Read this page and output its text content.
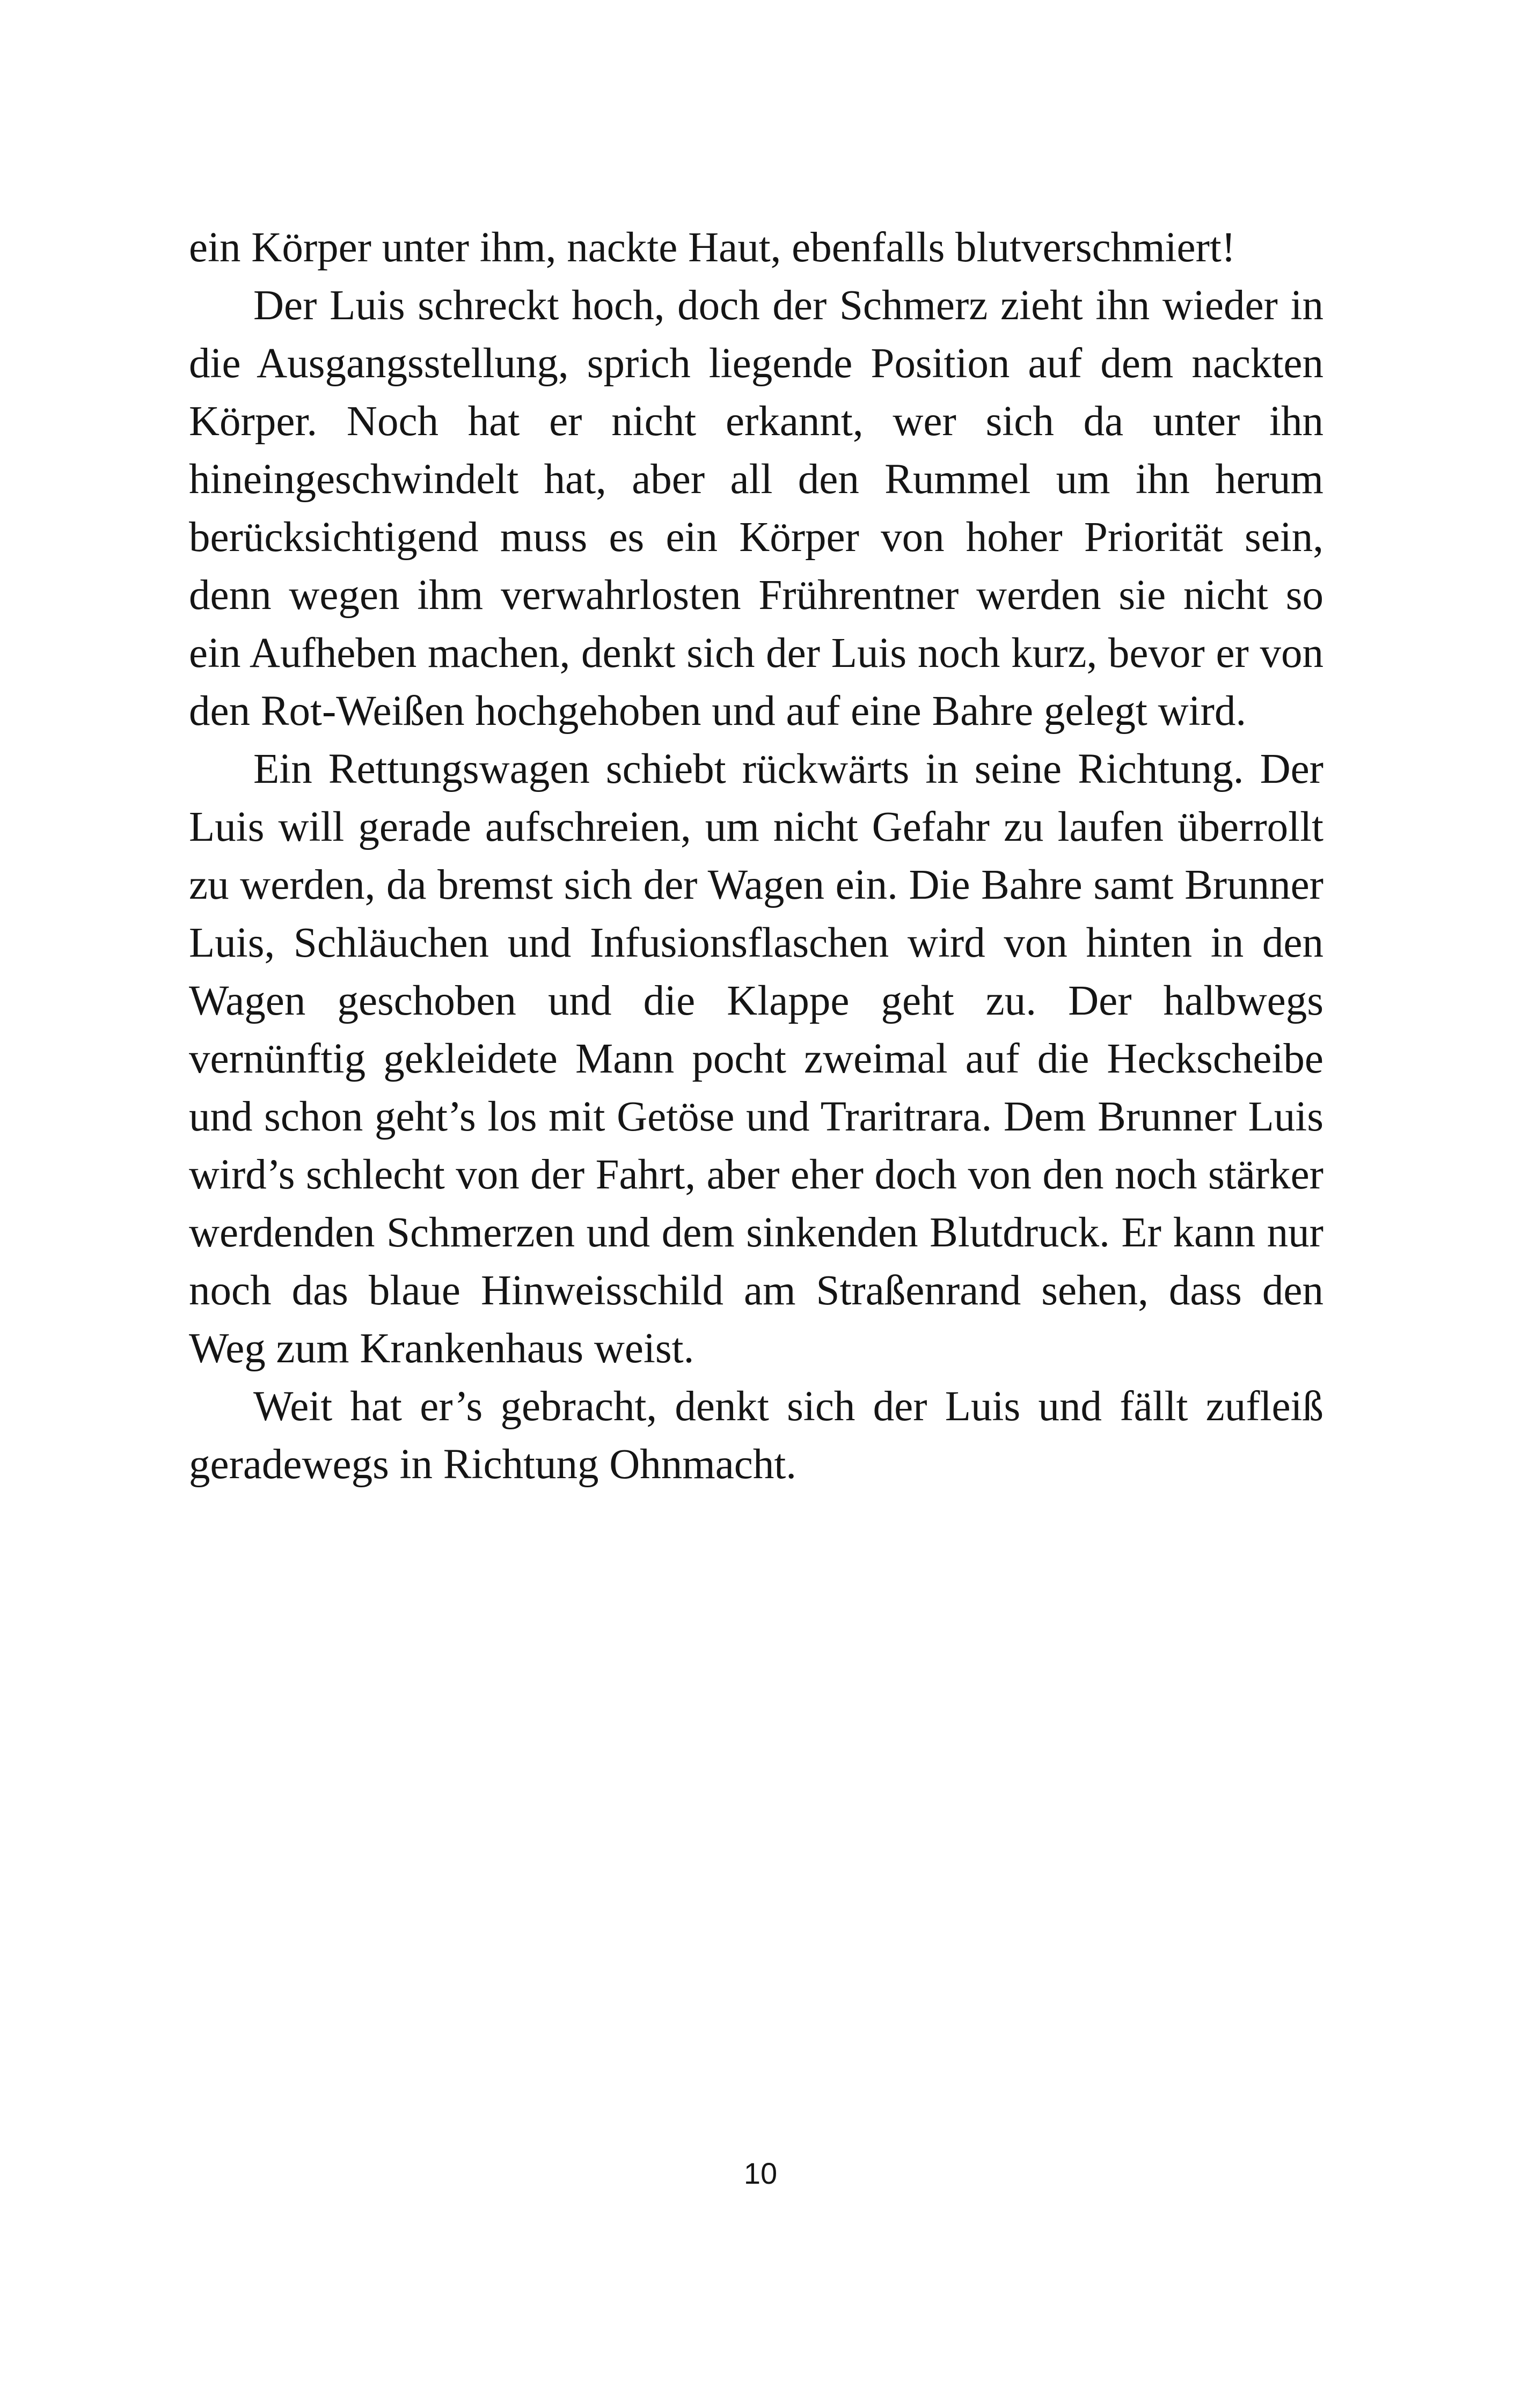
ein Körper unter ihm, nackte Haut, ebenfalls blutverschmiert!

Der Luis schreckt hoch, doch der Schmerz zieht ihn wieder in die Ausgangsstellung, sprich liegende Position auf dem nackten Körper. Noch hat er nicht erkannt, wer sich da unter ihn hineingeschwindelt hat, aber all den Rummel um ihn herum berücksichtigend muss es ein Körper von hoher Priorität sein, denn wegen ihm verwahrlosten Frührentner werden sie nicht so ein Aufheben machen, denkt sich der Luis noch kurz, bevor er von den Rot-Weißen hochgehoben und auf eine Bahre gelegt wird.

Ein Rettungswagen schiebt rückwärts in seine Richtung. Der Luis will gerade aufschreien, um nicht Gefahr zu laufen überrollt zu werden, da bremst sich der Wagen ein. Die Bahre samt Brunner Luis, Schläuchen und Infusionsflaschen wird von hinten in den Wagen geschoben und die Klappe geht zu. Der halbwegs vernünftig gekleidete Mann pocht zweimal auf die Heckscheibe und schon geht’s los mit Getöse und Traritrara. Dem Brunner Luis wird’s schlecht von der Fahrt, aber eher doch von den noch stärker werdenden Schmerzen und dem sinkenden Blutdruck. Er kann nur noch das blaue Hinweisschild am Straßenrand sehen, dass den Weg zum Krankenhaus weist.

Weit hat er’s gebracht, denkt sich der Luis und fällt zufleiß geradewegs in Richtung Ohnmacht.

10
